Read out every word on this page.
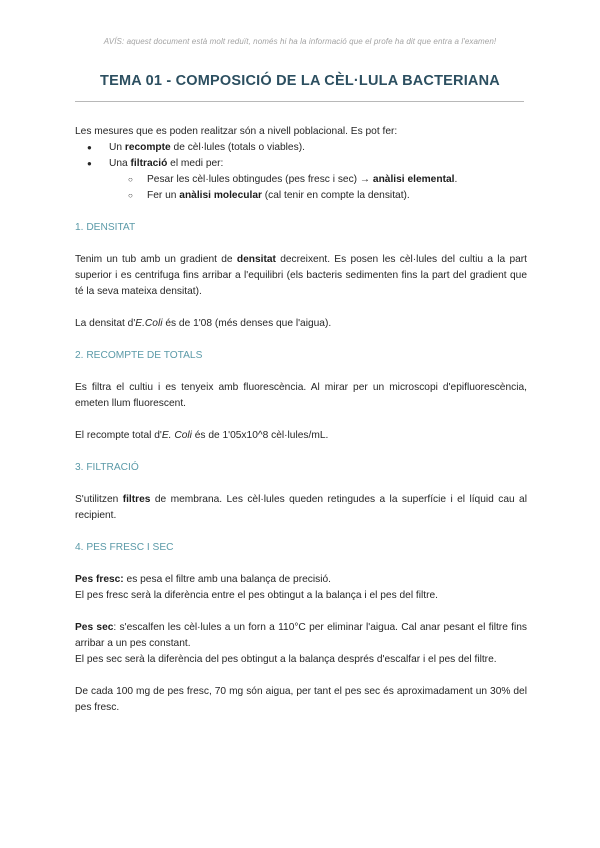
AVÍS: aquest document està molt reduït, només hi ha la informació que el profe ha dit que entra a l'examen!
TEMA 01 - COMPOSICIÓ DE LA CÈL·LULA BACTERIANA

Les mesures que es poden realitzar són a nivell poblacional. Es pot fer:

● Un recompte de cèl·lules (totals o viables).
● Una filtració el medi per:
○ Pesar les cèl·lules obtingudes (pes fresc i sec) → anàlisi elemental.
○ Fer un anàlisi molecular (cal tenir en compte la densitat).

1. DENSITAT

Tenim un tub amb un gradient de densitat decreixent. Es posen les cèl·lules del cultiu a la part superior i es centrifuga fins arribar a l'equilibri (els bacteris sedimenten fins la part del gradient que té la seva mateixa densitat).

La densitat d'E.Coli és de 1'08 (més denses que l'aigua).

2. RECOMPTE DE TOTALS

Es filtra el cultiu i es tenyeix amb fluorescència. Al mirar per un microscopi d'epifluorescència, emeten llum fluorescent.

El recompte total d'E. Coli és de 1'05x10^8 cèl·lules/mL.

3. FILTRACIÓ

S'utilitzen filtres de membrana. Les cèl·lules queden retingudes a la superfície i el líquid cau al recipient.

4. PES FRESC I SEC

Pes fresc: es pesa el filtre amb una balança de precisió.

El pes fresc serà la diferència entre el pes obtingut a la balança i el pes del filtre.

Pes sec: s'escalfen les cèl·lules a un forn a 110°C per eliminar l'aigua. Cal anar pesant el filtre fins arribar a un pes constant.

El pes sec serà la diferència del pes obtingut a la balança després d'escalfar i el pes del filtre.

De cada 100 mg de pes fresc, 70 mg són aigua, per tant el pes sec és aproximadament un 30% del pes fresc.
